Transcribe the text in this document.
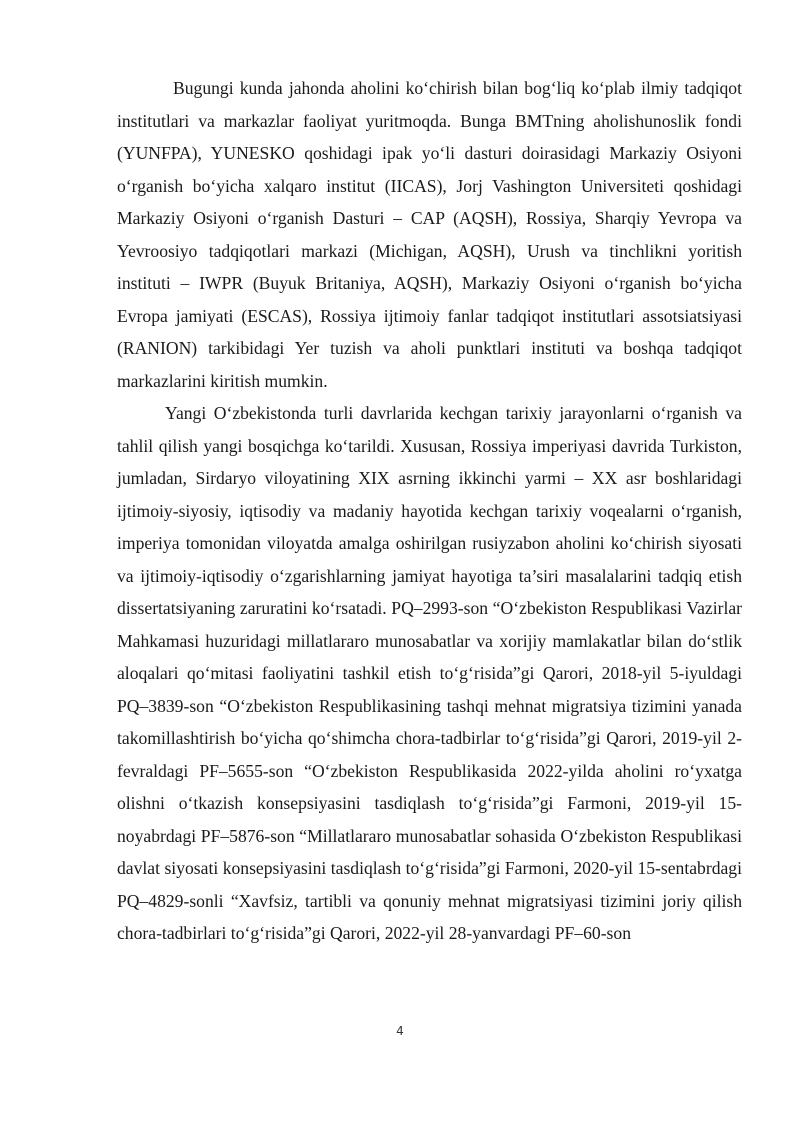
Bugungi kunda jahonda aholini ko‘chirish bilan bog‘liq ko‘plab ilmiy tadqiqot institutlari va markazlar faoliyat yuritmoqda. Bunga BMTning aholishunoslik fondi (YUNFPA), YUNESKO qoshidagi ipak yo‘li dasturi doirasidagi Markaziy Osiyoni o‘rganish bo‘yicha xalqaro institut (IICAS), Jorj Vashington Universiteti qoshidagi Markaziy Osiyoni o‘rganish Dasturi – CAP (AQSH), Rossiya, Sharqiy Yevropa va Yevroosiyo tadqiqotlari markazi (Michigan, AQSH), Urush va tinchlikni yoritish instituti – IWPR (Buyuk Britaniya, AQSH), Markaziy Osiyoni o‘rganish bo‘yicha Evropa jamiyati (ESCAS), Rossiya ijtimoiy fanlar tadqiqot institutlari assotsiatsiyasi (RANION) tarkibidagi Yer tuzish va aholi punktlari instituti va boshqa tadqiqot markazlarini kiritish mumkin.

Yangi O‘zbekistonda turli davrlarida kechgan tarixiy jarayonlarni o‘rganish va tahlil qilish yangi bosqichga ko‘tarildi. Xususan, Rossiya imperiyasi davrida Turkiston, jumladan, Sirdaryo viloyatining XIX asrning ikkinchi yarmi – XX asr boshlaridagi ijtimoiy-siyosiy, iqtisodiy va madaniy hayotida kechgan tarixiy voqealarni o‘rganish, imperiya tomonidan viloyatda amalga oshirilgan rusiyzabon aholini ko‘chirish siyosati va ijtimoiy-iqtisodiy o‘zgarishlarning jamiyat hayotiga ta’siri masalalarini tadqiq etish dissertatsiyaning zaruratini ko‘rsatadi. PQ–2993-son “O‘zbekiston Respublikasi Vazirlar Mahkamasi huzuridagi millatlararo munosabatlar va xorijiy mamlakatlar bilan do‘stlik aloqalari qo‘mitasi faoliyatini tashkil etish to‘g‘risida”gi Qarori, 2018-yil 5-iyuldagi PQ–3839-son “O‘zbekiston Respublikasining tashqi mehnat migratsiya tizimini yanada takomillashtirish bo‘yicha qo‘shimcha chora-tadbirlar to‘g‘risida”gi Qarori, 2019-yil 2-fevraldagi PF–5655-son “O‘zbekiston Respublikasida 2022-yilda aholini ro‘yxatga olishni o‘tkazish konsepsiyasini tasdiqlash to‘g‘risida”gi Farmoni, 2019-yil 15-noyabrdagi PF–5876-son “Millatlararo munosabatlar sohasida O‘zbekiston Respublikasi davlat siyosati konsepsiyasini tasdiqlash to‘g‘risida”gi Farmoni, 2020-yil 15-sentabrdagi PQ–4829-sonli “Xavfsiz, tartibli va qonuniy mehnat migratsiyasi tizimini joriy qilish chora-tadbirlari to‘g‘risida”gi Qarori, 2022-yil 28-yanvardagi PF–60-son

4
